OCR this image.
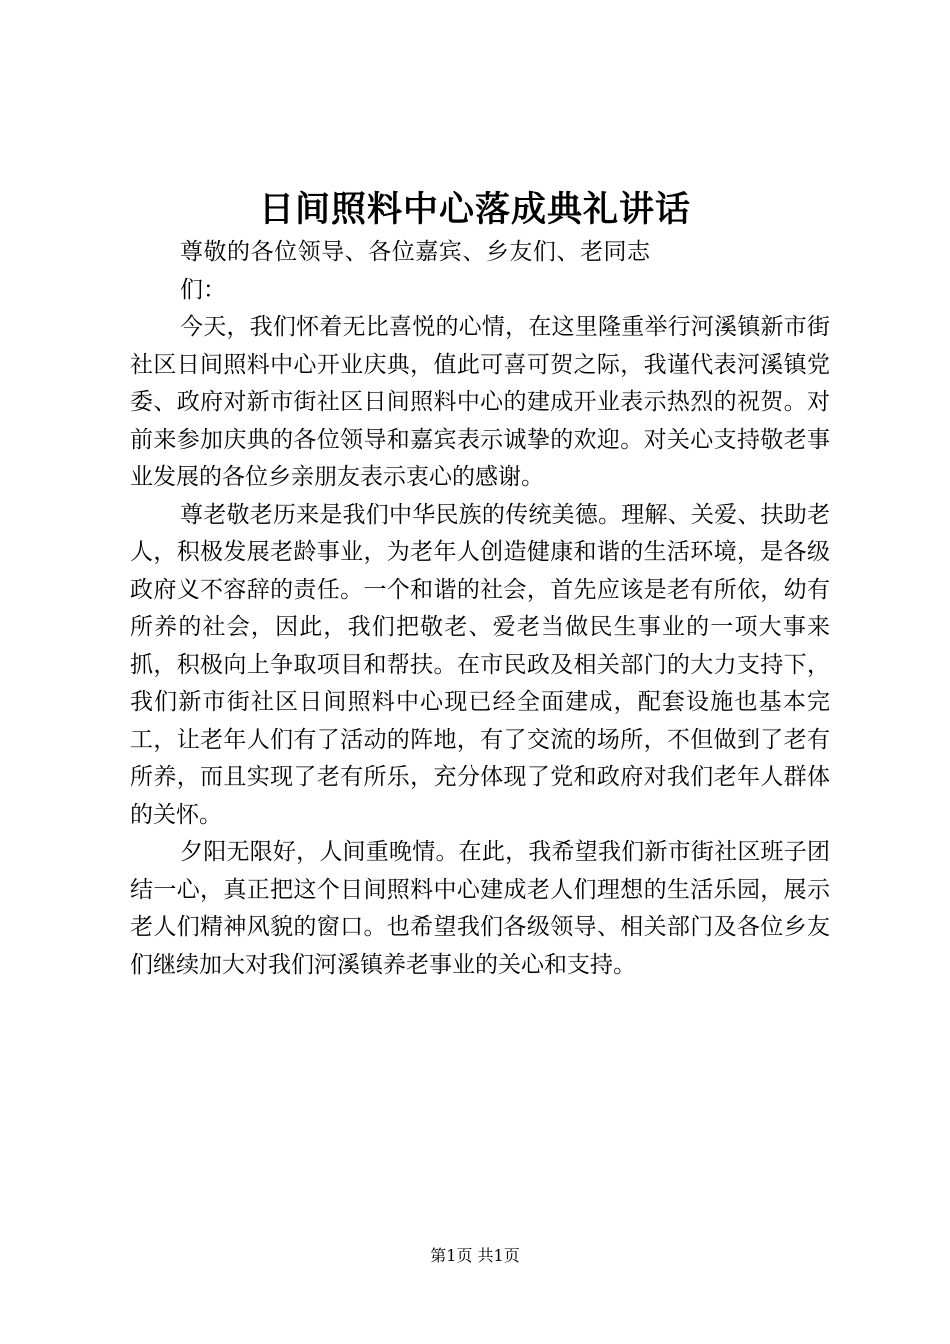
日间照料中心落成典礼讲话

尊敬的各位领导、各位嘉宾、乡友们、老同志们：

今天，我们怀着无比喜悦的心情，在这里隆重举行河溪镇新市街社区日间照料中心开业庆典，值此可喜可贺之际，我谨代表河溪镇党委、政府对新市街社区日间照料中心的建成开业表示热烈的祝贺。对前来参加庆典的各位领导和嘉宾表示诚挚的欢迎。对关心支持敬老事业发展的各位乡亲朋友表示衷心的感谢。

尊老敬老历来是我们中华民族的传统美德。理解、关爱、扶助老人，积极发展老龄事业，为老年人创造健康和谐的生活环境，是各级政府义不容辞的责任。一个和谐的社会，首先应该是老有所依，幼有所养的社会，因此，我们把敬老、爱老当做民生事业的一项大事来抓，积极向上争取项目和帮扶。在市民政及相关部门的大力支持下，我们新市街社区日间照料中心现已经全面建成，配套设施也基本完工，让老年人们有了活动的阵地，有了交流的场所，不但做到了老有所养，而且实现了老有所乐，充分体现了党和政府对我们老年人群体的关怀。

夕阳无限好，人间重晚情。在此，我希望我们新市街社区班子团结一心，真正把这个日间照料中心建成老人们理想的生活乐园，展示老人们精神风貌的窗口。也希望我们各级领导、相关部门及各位乡友们继续加大对我们河溪镇养老事业的关心和支持。

第1页 共1页
